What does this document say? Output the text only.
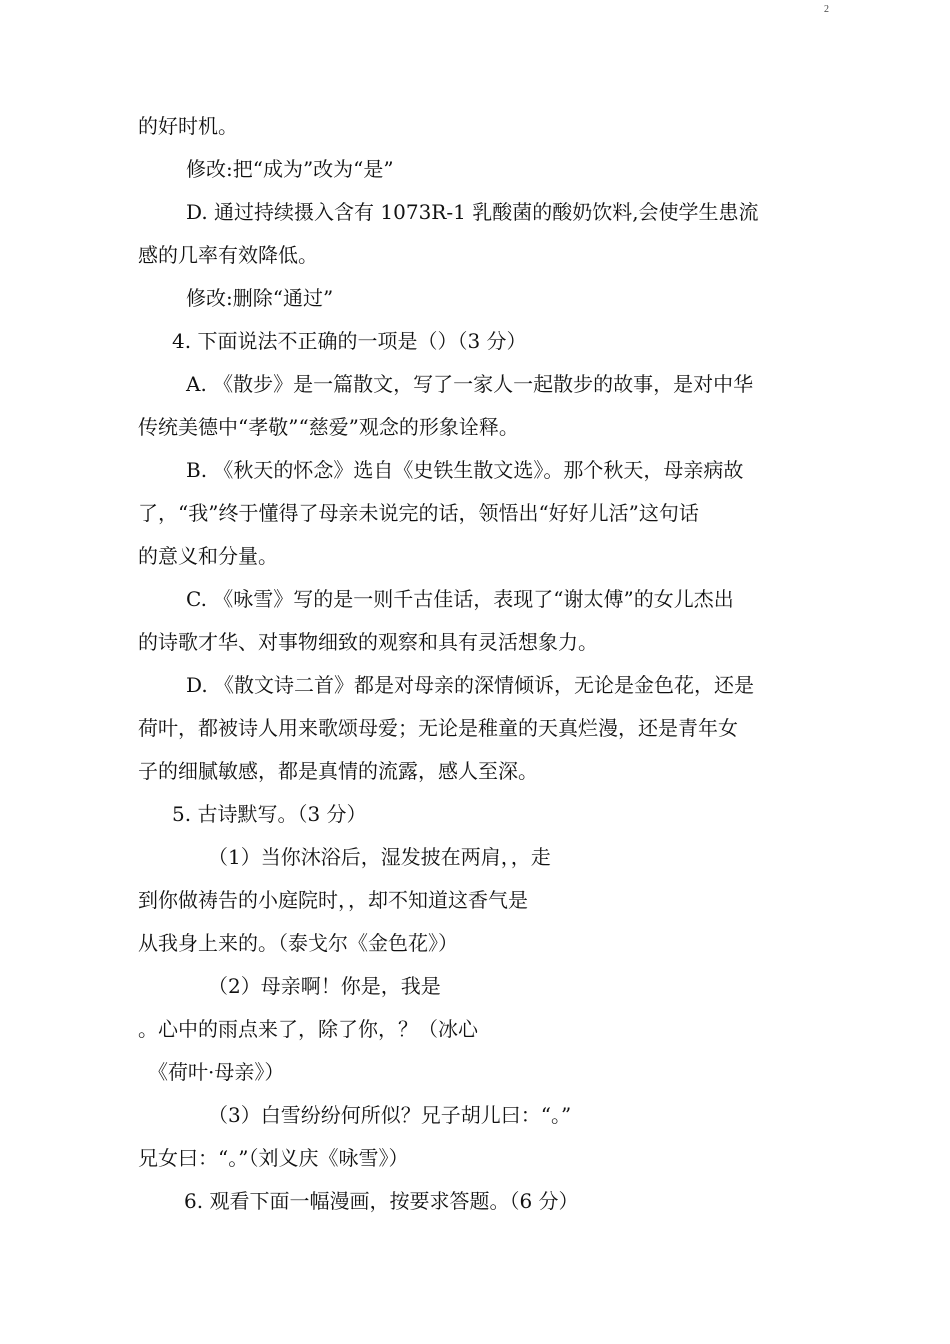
2
的好时机。
修改:把“成为”改为“是”
D. 通过持续摄入含有 1073R-1 乳酸菌的酸奶饮料,会使学生患流
感的几率有效降低。
修改:删除“通过”
4. 下面说法不正确的一项是（）（3 分）
A. 《散步》是一篇散文，写了一家人一起散步的故事，是对中华
传统美德中“孝敬”“慈爱”观念的形象诠释。
B. 《秋天的怀念》选自《史铁生散文选》。那个秋天，母亲病故
了，“我”终于懂得了母亲未说完的话，领悟出“好好儿活”这句话
的意义和分量。
C. 《咏雪》写的是一则千古佳话，表现了“谢太傅”的女儿杰出
的诗歌才华、对事物细致的观察和具有灵活想象力。
D. 《散文诗二首》都是对母亲的深情倾诉，无论是金色花，还是
荷叶，都被诗人用来歌颂母爱；无论是稚童的天真烂漫，还是青年女
子的细腻敏感，都是真情的流露，感人至深。
5. 古诗默写。（3 分）
（1）当你沐浴后，湿发披在两肩，，走
到你做祷告的小庭院时，，却不知道这香气是
从我身上来的。（泰戈尔《金色花》）
（2）母亲啊！你是，我是
。心中的雨点来了，除了你，？（冰心
《荷叶·母亲》）
（3）白雪纷纷何所似？兄子胡儿曰：“。”
兄女曰：“。”（刘义庆《咏雪》）
6. 观看下面一幅漫画，按要求答题。（6 分）
